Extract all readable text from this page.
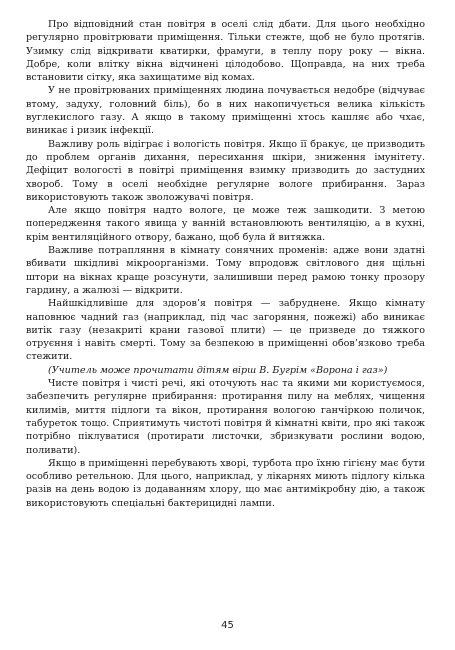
Про відповідний стан повітря в оселі слід дбати. Для цього необхідно регулярно провітрювати приміщення. Тільки стежте, щоб не було протягів. Узимку слід відкривати кватирки, фрамуги, в теплу пору року — вікна. Добре, коли влітку вікна відчинені цілодобово. Щоправда, на них треба встановити сітку, яка захищатиме від комах.

У не провітрюваних приміщеннях людина почувається недобре (відчуває втому, задуху, головний біль), бо в них накопичується велика кількість вуглекислого газу. А якщо в такому приміщенні хтось кашляє або чхає, виникає і ризик інфекції.

Важливу роль відіграє і вологість повітря. Якщо її бракує, це призводить до проблем органів дихання, пересихання шкіри, зниження імунітету. Дефіцит вологості в повітрі приміщення взимку призводить до застудних хвороб. Тому в оселі необхідне регулярне вологе прибирання. Зараз використовують також зволожувачі повітря.

Але якщо повітря надто вологе, це може теж зашкодити. З метою попередження такого явища у ванній встановлюють вентиляцію, а в кухні, крім вентиляційного отвору, бажано, щоб була й витяжка.

Важливе потрапляння в кімнату сонячних променів: адже вони здатні вбивати шкідливі мікроорганізми. Тому впродовж світлового дня щільні штори на вікнах краще розсунути, залишивши перед рамою тонку прозору гардину, а жалюзі — відкрити.

Найшкідливіше для здоров’я повітря — забруднене. Якщо кімнату наповнює чадний газ (наприклад, під час загоряння, пожежі) або виникає витік газу (незакриті крани газової плити) — це призведе до тяжкого отруєння і навіть смерті. Тому за безпекою в приміщенні обов’язково треба стежити.

(Учитель може прочитати дітям вірш В. Бугрім «Ворона і газ»)

Чисте повітря і чисті речі, які оточують нас та якими ми користуємося, забезпечить регулярне прибирання: протирання пилу на меблях, чищення килимів, миття підлоги та вікон, протирання вологою ганчіркою поличок, табуреток тощо. Сприятимуть чистоті повітря й кімнатні квіти, про які також потрібно піклуватися (протирати листочки, збризкувати рослини водою, поливати).

Якщо в приміщенні перебувають хворі, турбота про їхню гігієну має бути особливо ретельною. Для цього, наприклад, у лікарнях миють підлогу кілька разів на день водою із додаванням хлору, що має антимікробну дію, а також використовують спеціальні бактерицидні лампи.

45
